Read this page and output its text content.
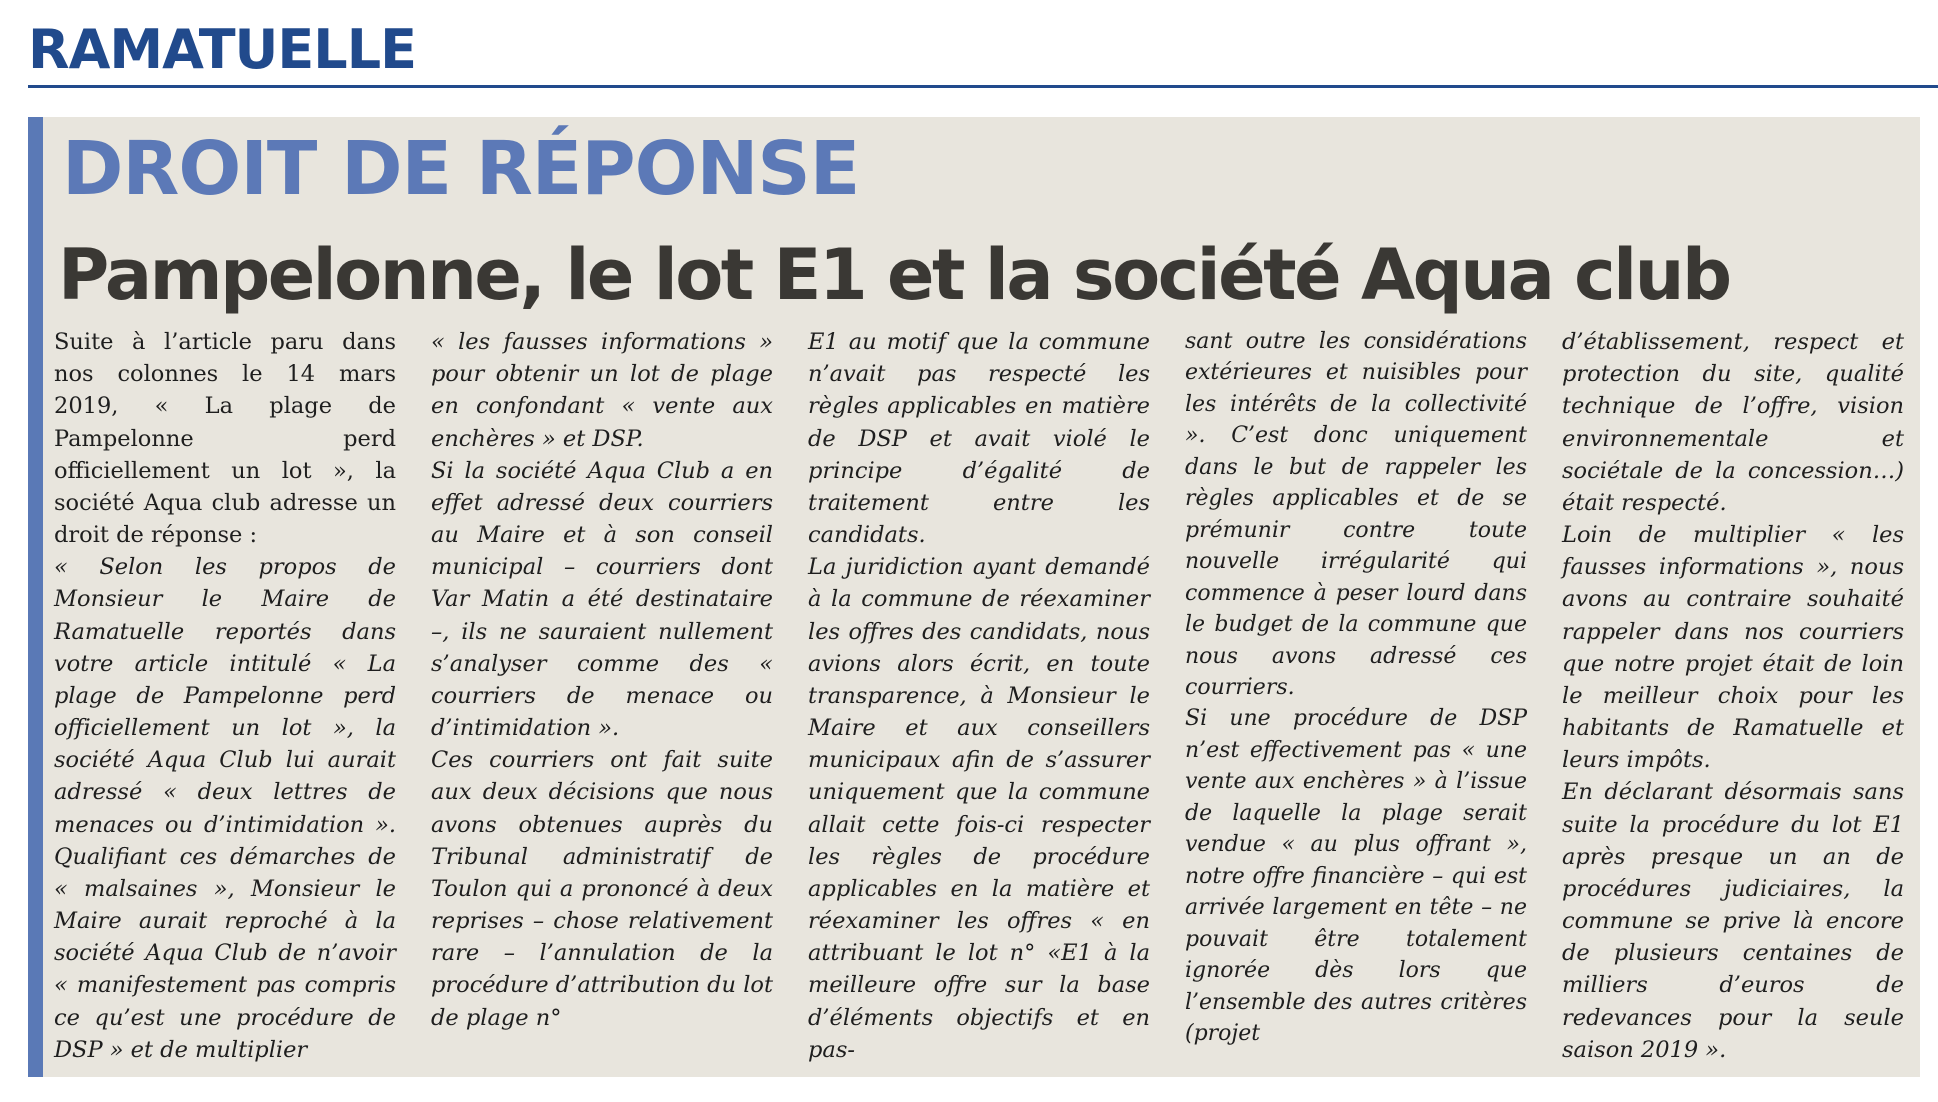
RAMATUELLE
DROIT DE RÉPONSE
Pampelonne, le lot E1 et la société Aqua club

Suite à l’article paru dans nos colonnes le 14 mars 2019, « La plage de Pampelonne perd officiellement un lot », la société Aqua club adresse un droit de réponse :

« Selon les propos de Monsieur le Maire de Ramatuelle reportés dans votre article intitulé « La plage de Pampelonne perd officiellement un lot », la société Aqua Club lui aurait adressé « deux lettres de menaces ou d’intimidation ». Qualifiant ces démarches de « malsaines », Monsieur le Maire aurait reproché à la société Aqua Club de n’avoir « manifestement pas compris ce qu’est une procédure de DSP » et de multiplier

« les fausses informations » pour obtenir un lot de plage en confondant « vente aux enchères » et DSP.

Si la société Aqua Club a en effet adressé deux courriers au Maire et à son conseil municipal – courriers dont Var Matin a été destinataire –, ils ne sauraient nullement s’analyser comme des « courriers de menace ou d’intimidation ».

Ces courriers ont fait suite aux deux décisions que nous avons obtenues auprès du Tribunal administratif de Toulon qui a prononcé à deux reprises – chose relativement rare – l’annulation de la procédure d’attribution du lot de plage n°

E1 au motif que la commune n’avait pas respecté les règles applicables en matière de DSP et avait violé le principe d’égalité de traitement entre les candidats.

La juridiction ayant demandé à la commune de réexaminer les offres des candidats, nous avions alors écrit, en toute transparence, à Monsieur le Maire et aux conseillers municipaux afin de s’assurer uniquement que la commune allait cette fois-ci respecter les règles de procédure applicables en la matière et réexaminer les offres « en attribuant le lot n° «E1 à la meilleure offre sur la base d’éléments objectifs et en pas-

sant outre les considérations extérieures et nuisibles pour les intérêts de la collectivité ». C’est donc uniquement dans le but de rappeler les règles applicables et de se prémunir contre toute nouvelle irrégularité qui commence à peser lourd dans le budget de la commune que nous avons adressé ces courriers.

Si une procédure de DSP n’est effectivement pas « une vente aux enchères » à l’issue de laquelle la plage serait vendue « au plus offrant », notre offre financière – qui est arrivée largement en tête – ne pouvait être totalement ignorée dès lors que l’ensemble des autres critères (projet

d’établissement, respect et protection du site, qualité technique de l’offre, vision environnementale et sociétale de la concession…) était respecté.

Loin de multiplier « les fausses informations », nous avons au contraire souhaité rappeler dans nos courriers que notre projet était de loin le meilleur choix pour les habitants de Ramatuelle et leurs impôts.

En déclarant désormais sans suite la procédure du lot E1 après presque un an de procédures judiciaires, la commune se prive là encore de plusieurs centaines de milliers d’euros de redevances pour la seule saison 2019 ».
